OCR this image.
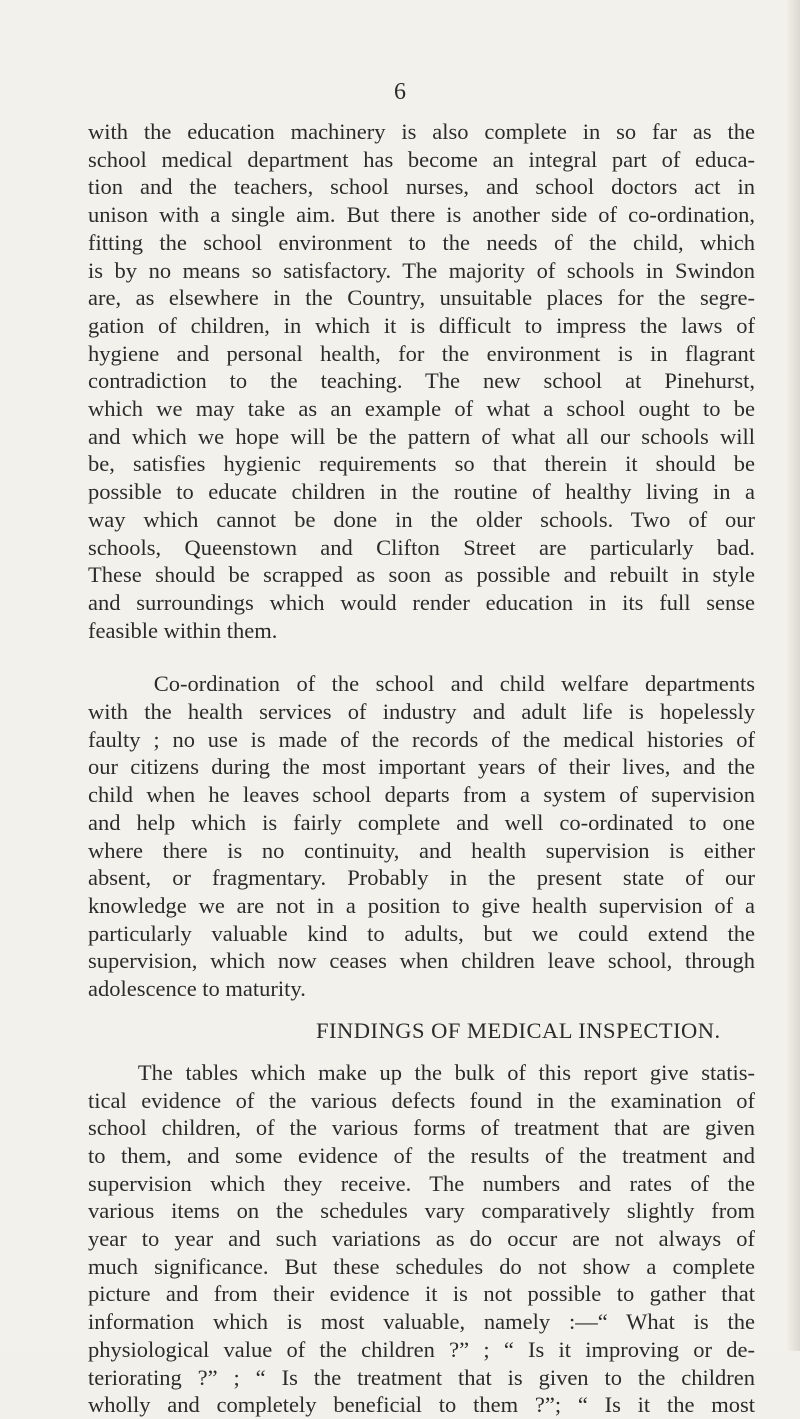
6
with the education machinery is also complete in so far as the
school medical department has become an integral part of educa-
tion and the teachers, school nurses, and school doctors act in
unison with a single aim. But there is another side of co-ordination,
fitting the school environment to the needs of the child, which
is by no means so satisfactory. The majority of schools in Swindon
are, as elsewhere in the Country, unsuitable places for the segre-
gation of children, in which it is difficult to impress the laws of
hygiene and personal health, for the environment is in flagrant
contradiction to the teaching. The new school at Pinehurst,
which we may take as an example of what a school ought to be
and which we hope will be the pattern of what all our schools will
be, satisfies hygienic requirements so that therein it should be
possible to educate children in the routine of healthy living in a
way which cannot be done in the older schools. Two of our
schools, Queenstown and Clifton Street are particularly bad.
These should be scrapped as soon as possible and rebuilt in style
and surroundings which would render education in its full sense
feasible within them.
Co-ordination of the school and child welfare departments
with the health services of industry and adult life is hopelessly
faulty ; no use is made of the records of the medical histories of
our citizens during the most important years of their lives, and the
child when he leaves school departs from a system of supervision
and help which is fairly complete and well co-ordinated to one
where there is no continuity, and health supervision is either
absent, or fragmentary. Probably in the present state of our
knowledge we are not in a position to give health supervision of a
particularly valuable kind to adults, but we could extend the
supervision, which now ceases when children leave school, through
adolescence to maturity.
FINDINGS OF MEDICAL INSPECTION.
The tables which make up the bulk of this report give statis-
tical evidence of the various defects found in the examination of
school children, of the various forms of treatment that are given
to them, and some evidence of the results of the treatment and
supervision which they receive. The numbers and rates of the
various items on the schedules vary comparatively slightly from
year to year and such variations as do occur are not always of
much significance. But these schedules do not show a complete
picture and from their evidence it is not possible to gather that
information which is most valuable, namely :—“ What is the
physiological value of the children ?” ; “ Is it improving or de-
teriorating ?” ; “ Is the treatment that is given to the children
wholly and completely beneficial to them ?”; “ Is it the most
